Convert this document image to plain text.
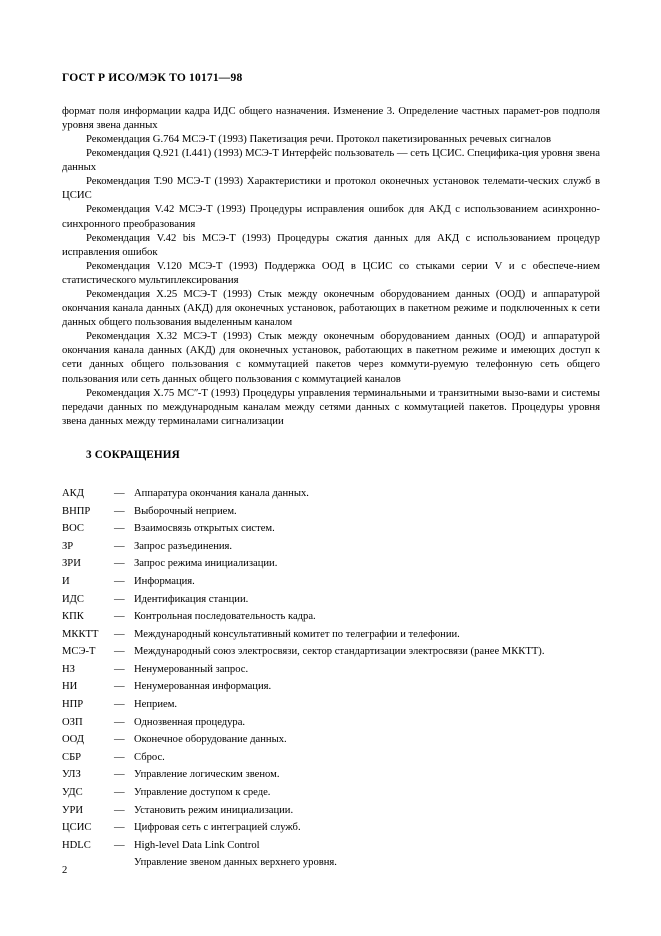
ГОСТ Р ИСО/МЭК ТО 10171—98

формат поля информации кадра ИДС общего назначения. Изменение 3. Определение частных парамет-ров подполя уровня звена данных

Рекомендация G.764 МСЭ-Т (1993) Пакетизация речи. Протокол пакетизированных речевых сигналов

Рекомендация Q.921 (I.441) (1993) МСЭ-Т Интерфейс пользователь — сеть ЦСИС. Специфика-ция уровня звена данных

Рекомендация Т.90 МСЭ-Т (1993) Характеристики и протокол оконечных установок телемати-ческих служб в ЦСИС

Рекомендация V.42 МСЭ-Т (1993) Процедуры исправления ошибок для АКД с использованием асинхронно-синхронного преобразования

Рекомендация V.42 bis МСЭ-Т (1993) Процедуры сжатия данных для АКД с использованием процедур исправления ошибок

Рекомендация V.120 МСЭ-Т (1993) Поддержка ООД в ЦСИС со стыками серии V и с обеспече-нием статистического мультиплексирования

Рекомендация Х.25 МСЭ-Т (1993) Стык между оконечным оборудованием данных (ООД) и аппаратурой окончания канала данных (АКД) для оконечных установок, работающих в пакетном режиме и подключенных к сети данных общего пользования выделенным каналом

Рекомендация Х.32 МСЭ-Т (1993) Стык между оконечным оборудованием данных (ООД) и аппаратурой окончания канала данных (АКД) для оконечных установок, работающих в пакетном режиме и имеющих доступ к сети данных общего пользования с коммутацией пакетов через коммути-руемую телефонную сеть общего пользования или сеть данных общего пользования с коммутацией каналов

Рекомендация Х.75 МСʺ-Т (1993) Процедуры управления терминальными и транзитными вызо-вами и системы передачи данных по международным каналам между сетями данных с коммутацией пакетов. Процедуры уровня звена данных между терминалами сигнализации

3 СОКРАЩЕНИЯ
АКД	— Аппаратура окончания канала данных.
ВНПР	— Выборочный неприем.
ВОС	— Взаимосвязь открытых систем.
ЗР	— Запрос разъединения.
ЗРИ	— Запрос режима инициализации.
И	— Информация.
ИДС	— Идентификация станции.
КПК	— Контрольная последовательность кадра.
МККТТ	— Международный консультативный комитет по телеграфии и телефонии.
МСЭ-Т	— Международный союз электросвязи, сектор стандартизации электросвязи (ранее МККТТ).
НЗ	— Ненумерованный запрос.
НИ	— Ненумерованная информация.
НПР	— Неприем.
ОЗП	— Однозвенная процедура.
ООД	— Оконечное оборудование данных.
СБР	— Сброс.
УЛЗ	— Управление логическим звеном.
УДС	— Управление доступом к среде.
УРИ	— Установить режим инициализации.
ЦСИС	— Цифровая сеть с интеграцией служб.
HDLC	— High-level Data Link Control
Управление звеном данных верхнего уровня.
2
